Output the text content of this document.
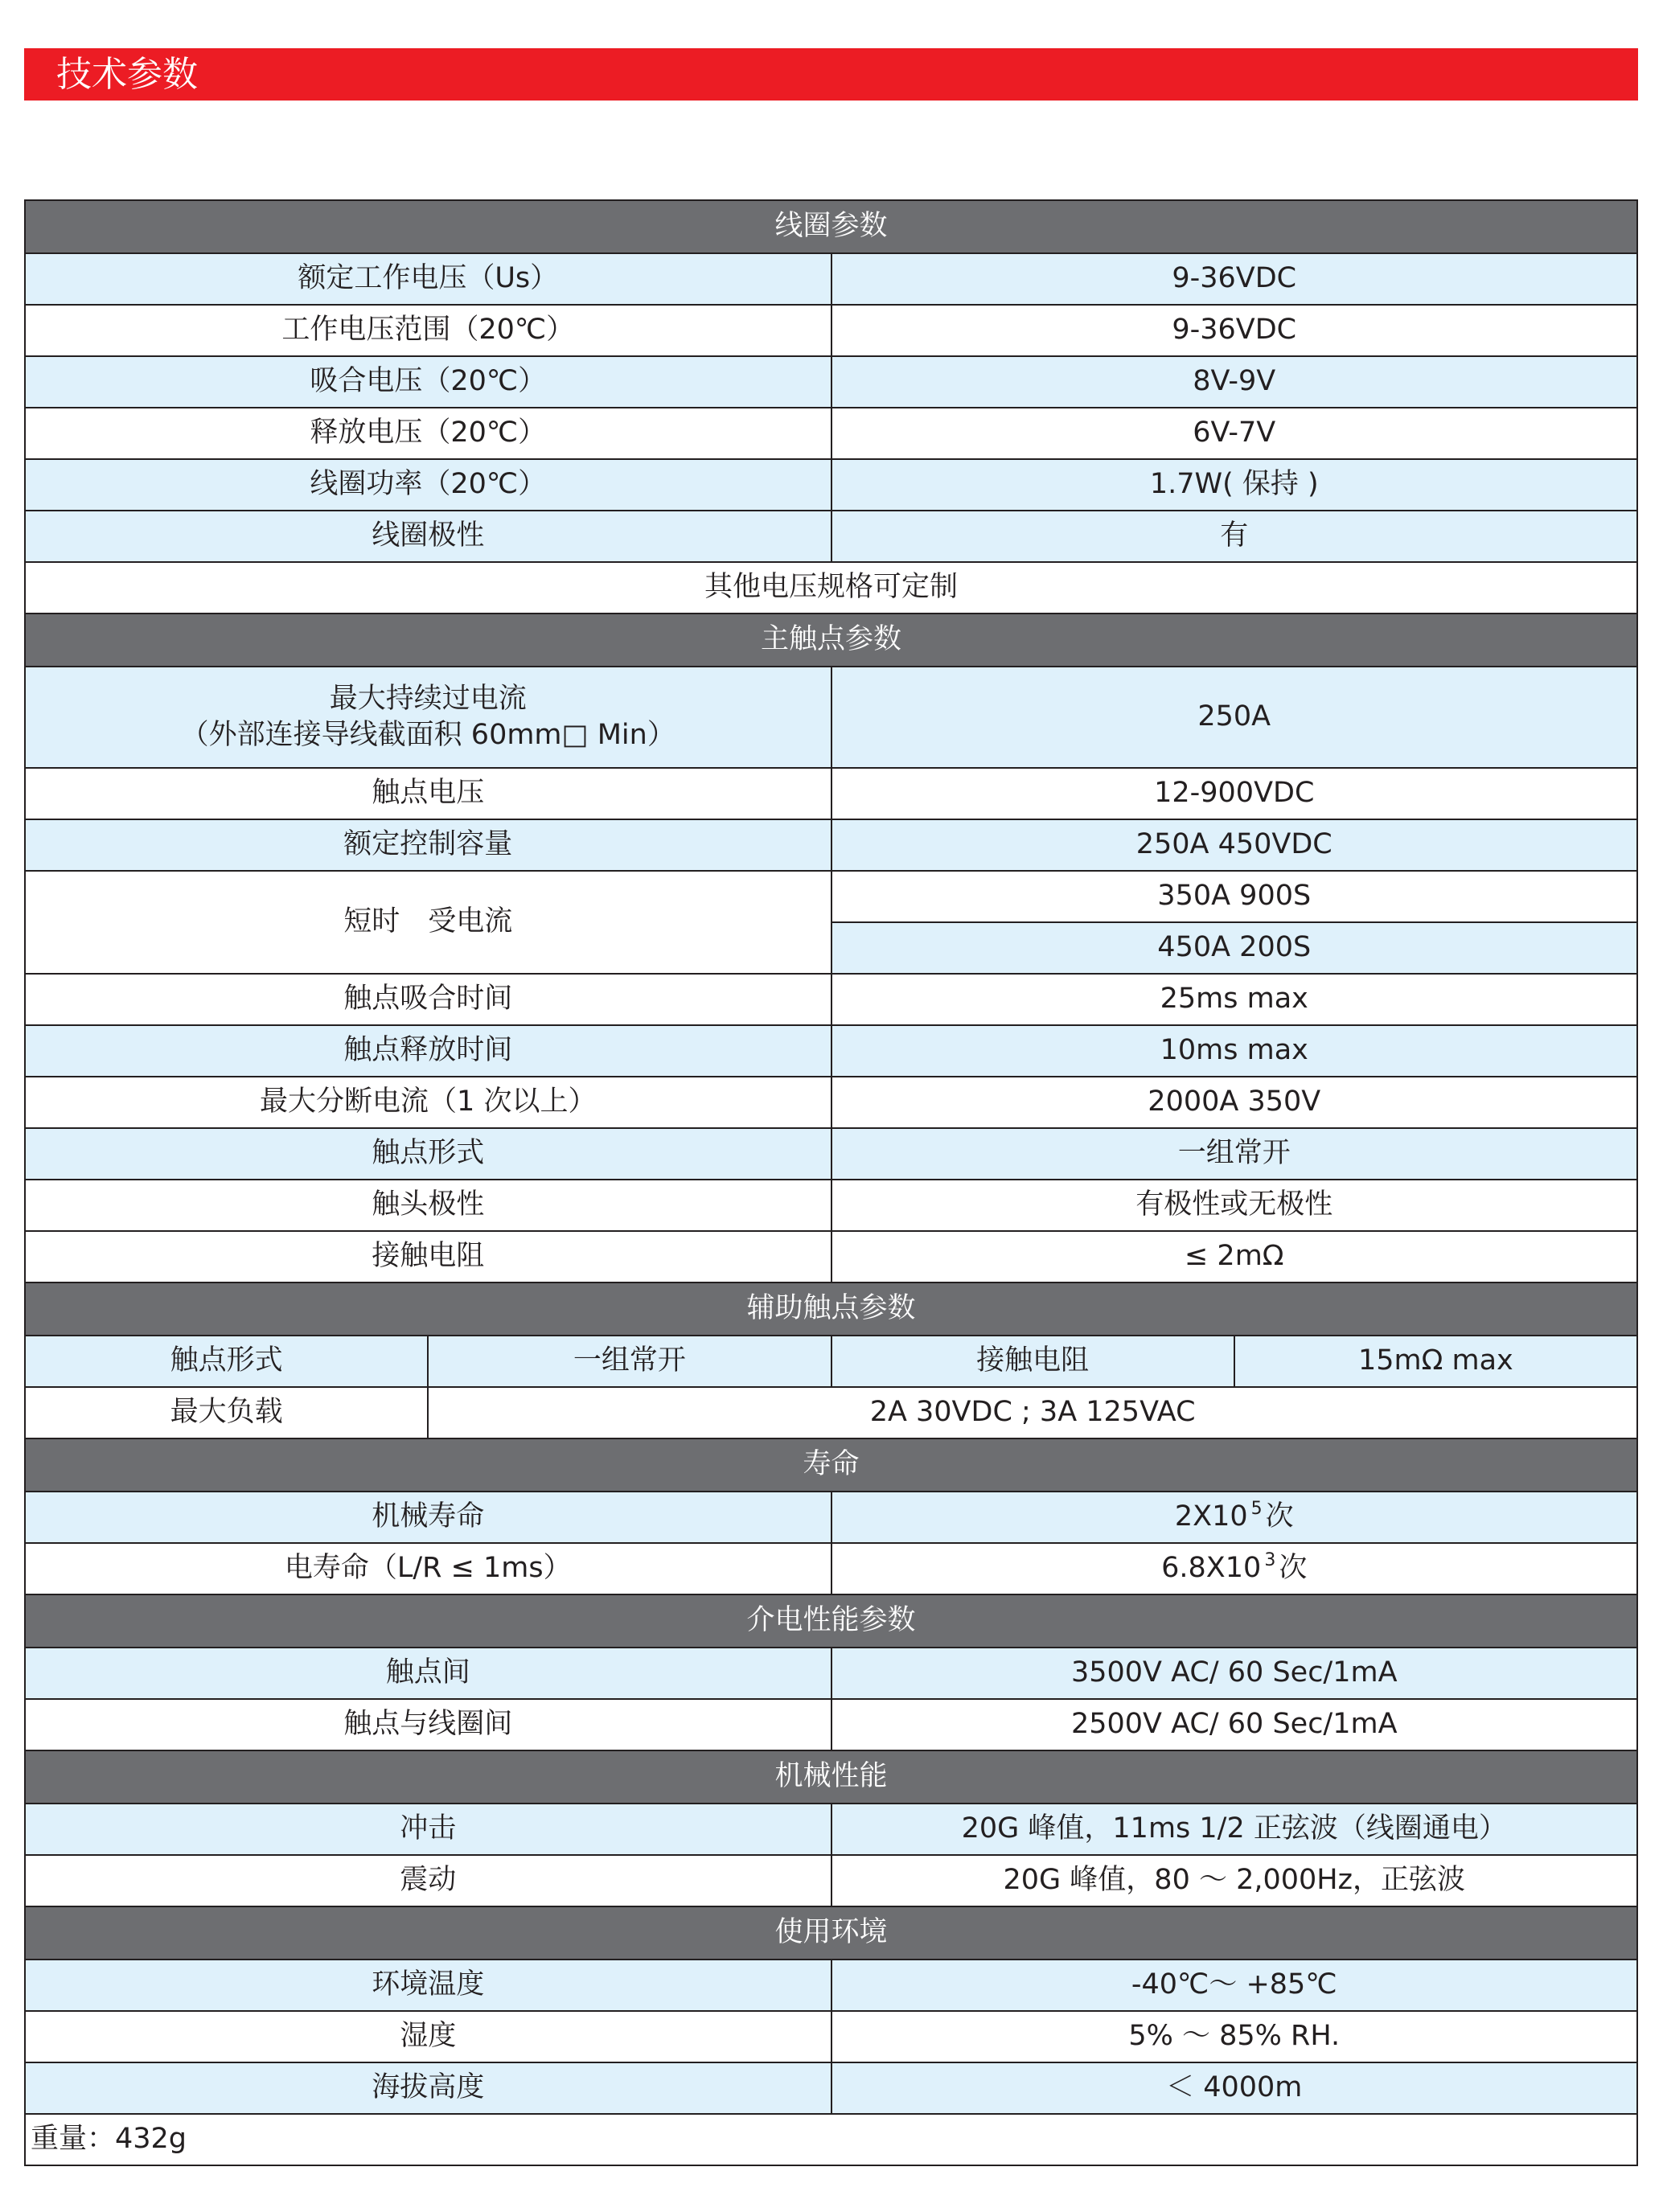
技术参数
线圈参数			
额定工作电压（Us）		9-36VDC	
工作电压范围（20℃）		9-36VDC	
吸合电压（20℃）		8V-9V	
释放电压（20℃）		6V-7V	
线圈功率（20℃）		1.7W( 保持 )	
线圈极性		有	
其他电压规格可定制			
主触点参数			

最大持续过电流
（外部连接导线截面积 60mm□ Min）		250A	
触点电压		12-900VDC	
额定控制容量		250A 450VDC	
短时　受电流		350A 900S	
		450A 200S	
触点吸合时间		25ms max	
触点释放时间		10ms max	
最大分断电流（1 次以上）		2000A 350V	
触点形式		一组常开	
触头极性		有极性或无极性	
接触电阻		≤ 2mΩ	
辅助触点参数			
触点形式	一组常开	接触电阻	15mΩ max
最大负载	2A 30VDC ; 3A 125VAC		
寿命			
机械寿命		2X10 $^5$ 次	
电寿命（L/R ≤ 1ms）		6.8X10 $^3$ 次	
介电性能参数			
触点间		3500V AC/ 60 Sec/1mA	
触点与线圈间		2500V AC/ 60 Sec/1mA	
机械性能			
冲击		20G 峰值，11ms 1/2 正弦波（线圈通电）	
震动		20G 峰值，80 ～ 2,000Hz，正弦波	
使用环境			
环境温度		-40℃～ +85℃	
湿度		5% ～ 85% RH.	
海拔高度		＜ 4000m	
重量：432g			
